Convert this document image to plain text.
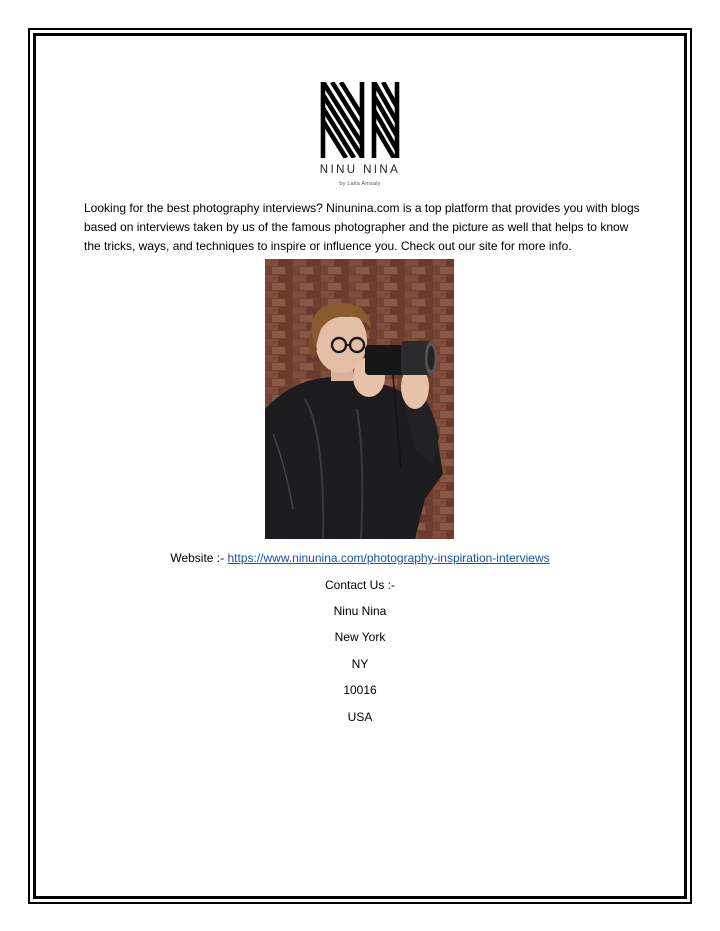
NINU NINA
by Laila Amsaly

Looking for the best photography interviews? Ninunina.com is a top platform that provides you with blogs based on interviews taken by us of the famous photographer and the picture as well that helps to know the tricks, ways, and techniques to inspire or influence you. Check out our site for more info.

Website :- https://www.ninunina.com/photography-inspiration-interviews
Contact Us :-
Ninu Nina
New York
NY
10016
USA
